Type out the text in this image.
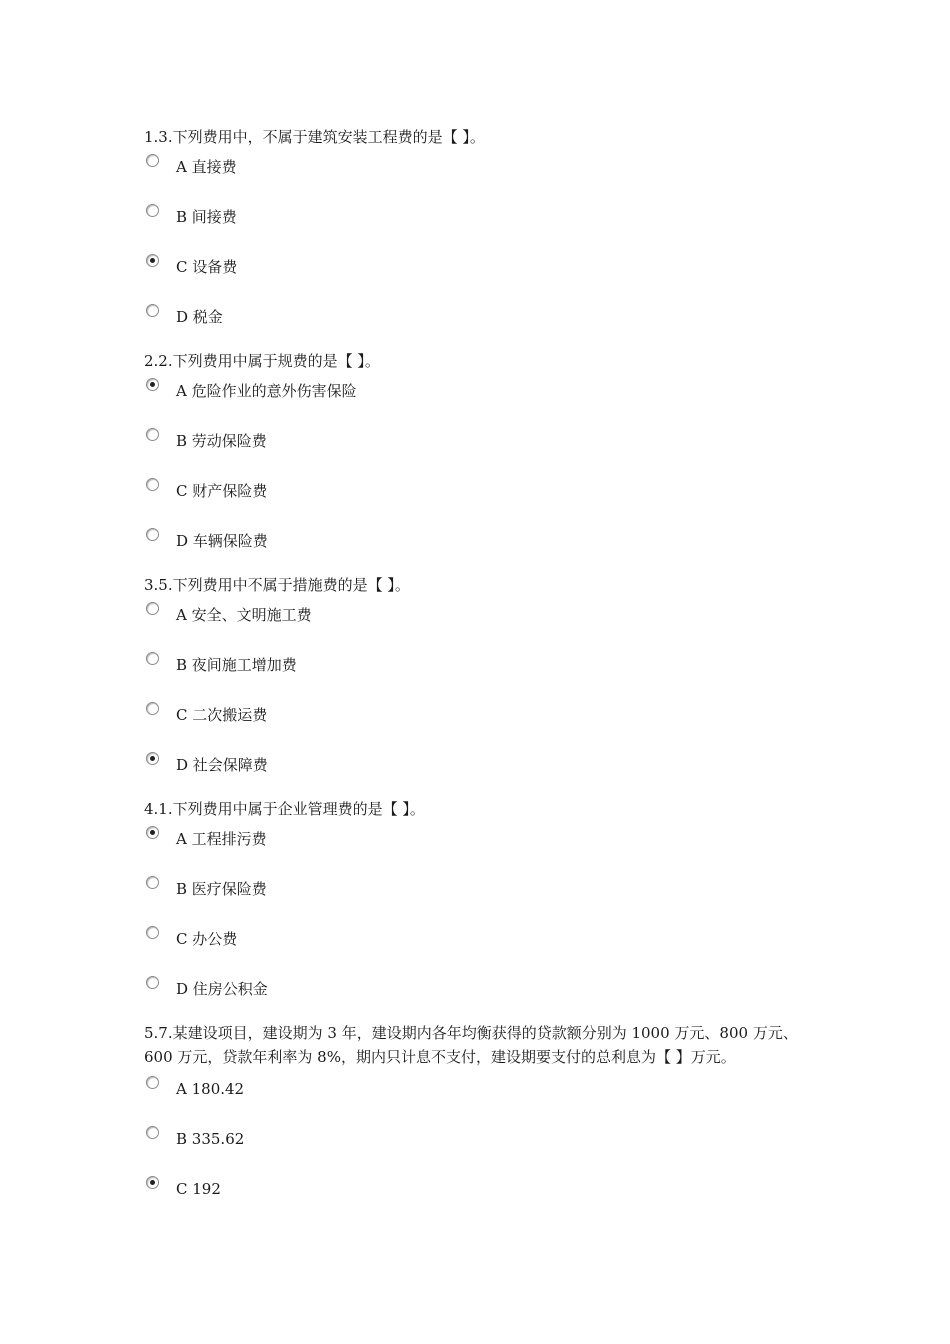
1.3.下列费用中，不属于建筑安装工程费的是【 】。

A 直接费
B 间接费
C 设备费
D 税金

2.2.下列费用中属于规费的是【 】。

A 危险作业的意外伤害保险
B 劳动保险费
C 财产保险费
D 车辆保险费

3.5.下列费用中不属于措施费的是【 】。

A 安全、文明施工费
B 夜间施工增加费
C 二次搬运费
D 社会保障费

4.1.下列费用中属于企业管理费的是【 】。

A 工程排污费
B 医疗保险费
C 办公费
D 住房公积金

5.7.某建设项目，建设期为 3 年，建设期内各年均衡获得的贷款额分别为 1000 万元、800 万元、600 万元，贷款年利率为 8%，期内只计息不支付，建设期要支付的总利息为【 】万元。

A 180.42
B 335.62
C 192
